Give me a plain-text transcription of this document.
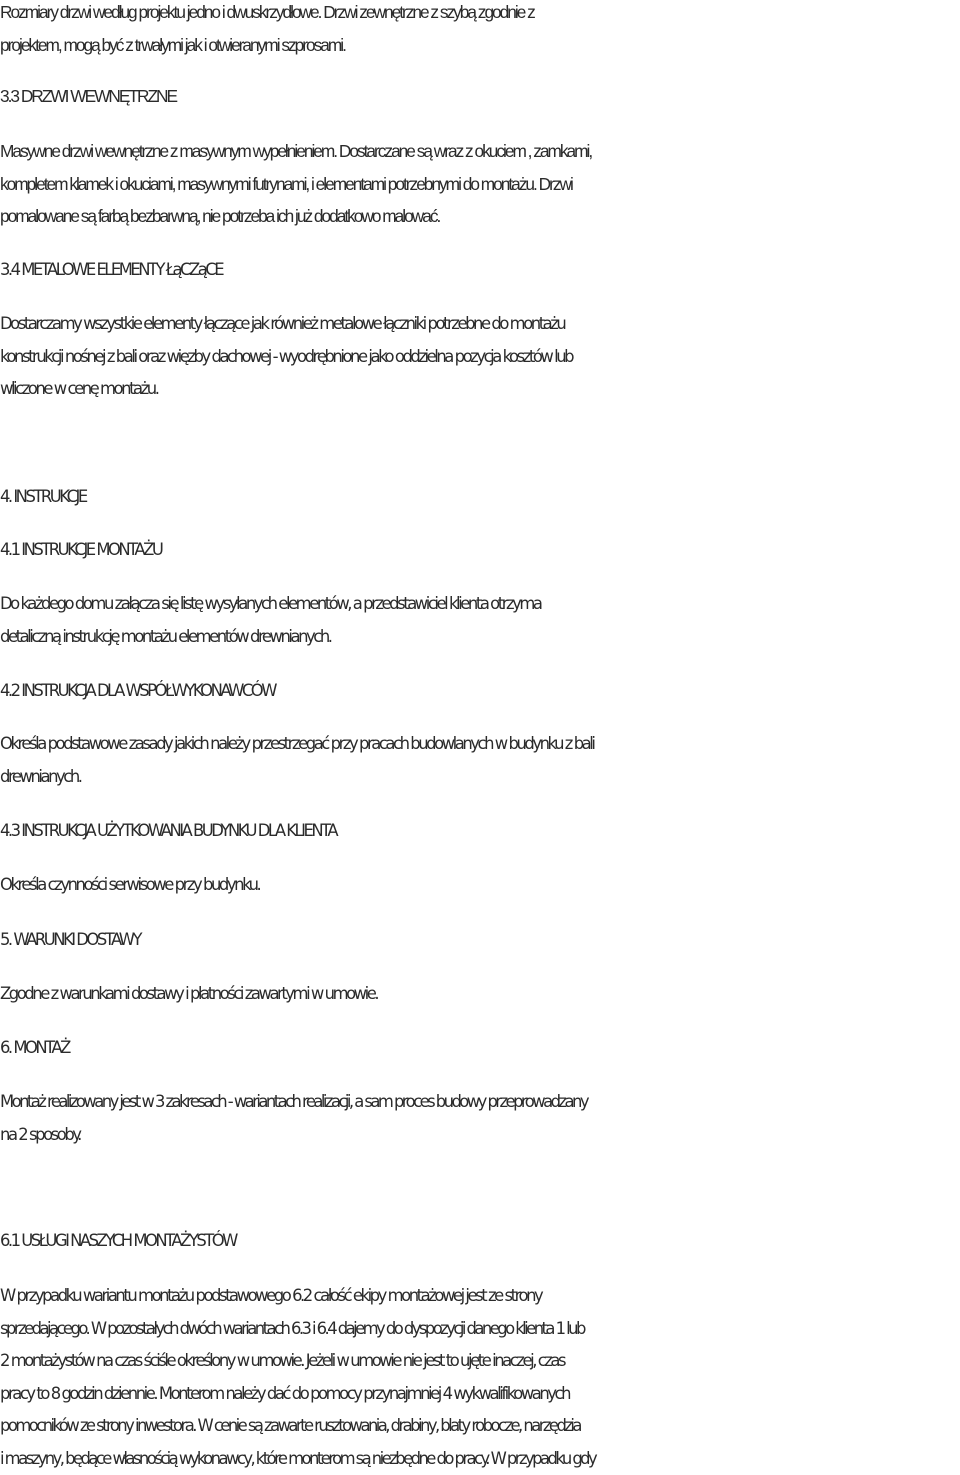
Rozmiary drzwi według projektu jedno i dwuskrzydłowe. Drzwi zewnętrzne z szybą zgodnie z
projektem, mogą być z trwałymi jak i otwieranymi szprosami.
3.3 DRZWI WEWNĘTRZNE
Masywne drzwi wewnętrzne z masywnym wypełnieniem. Dostarczane są wraz z okuciem , zamkami,
kompletem klamek i okuciami, masywnymi futrynami, i elementami potrzebnymi do montażu. Drzwi
pomalowane są farbą bezbarwną, nie potrzeba ich już dodatkowo malować.
3.4 METALOWE ELEMENTY ŁąCZąCE
Dostarczamy wszystkie elementy łączące jak również metalowe łączniki potrzebne do montażu
konstrukcji nośnej z bali oraz więzby dachowej - wyodrębnione jako oddzielna pozycja kosztów lub
wliczone w cenę montażu.
4. INSTRUKCJE
4.1 INSTRUKCJE MONTAŻU
Do każdego domu załącza się listę wysyłanych elementów, a przedstawiciel klienta otrzyma
detaliczną instrukcję montażu elementów drewnianych.
4.2 INSTRUKCJA DLA WSPÓŁWYKONAWCÓW
Określa podstawowe zasady jakich należy przestrzegać przy pracach budowlanych w budynku z bali
drewnianych.
4.3 INSTRUKCJA UŻYTKOWANIA BUDYNKU DLA KLIENTA
Określa czynności serwisowe przy budynku.
5. WARUNKI DOSTAWY
Zgodne z warunkami dostawy i płatności zawartymi w umowie.
6. MONTAŻ
Montaż realizowany jest w 3 zakresach - wariantach realizacji, a sam proces budowy przeprowadzany
na 2 sposoby.
6.1 USŁUGI NASZYCH MONTAŻYSTÓW
W przypadku wariantu montażu podstawowego 6.2 całość ekipy montażowej jest ze strony
sprzedającego. W pozostałych dwóch wariantach 6.3 i 6.4 dajemy do dyspozycji danego klienta 1 lub
2 montażystów na czas ściśle określony w umowie. Jeżeli w umowie nie jest to ujęte inaczej, czas
pracy to 8 godzin dziennie. Monterom należy dać do pomocy przynajmniej 4 wykwalifikowanych
pomocników ze strony inwestora. W cenie są zawarte rusztowania, drabiny, blaty robocze, narzędzia
i maszyny, będące własnością wykonawcy, które monterom są niezbędne do pracy. W przypadku gdy
